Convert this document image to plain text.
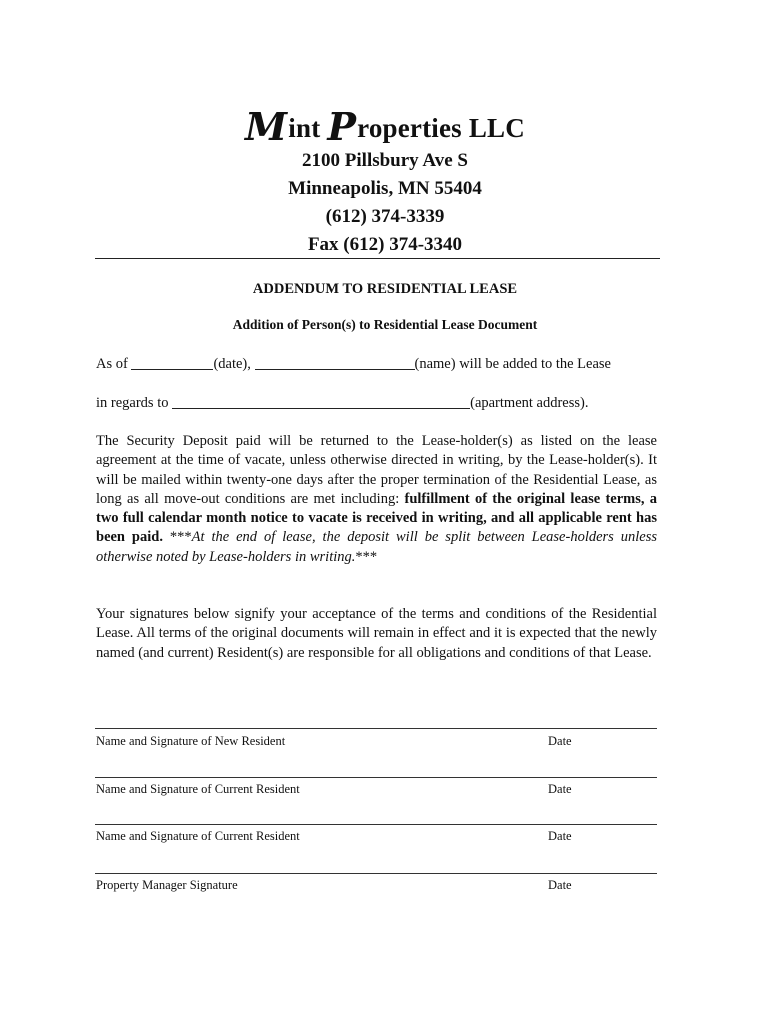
Mint Properties LLC
2100 Pillsbury Ave S
Minneapolis, MN 55404
(612) 374-3339
Fax (612) 374-3340
ADDENDUM TO RESIDENTIAL LEASE
Addition of Person(s) to Residential Lease Document
As of	(date),	(name) will be added to the Lease
in regards to	(apartment address).

The Security Deposit paid will be returned to the Lease-holder(s) as listed on the lease agreement at the time of vacate, unless otherwise directed in writing, by the Lease-holder(s). It will be mailed within twenty-one days after the proper termination of the Residential Lease, as long as all move-out conditions are met including: fulfillment of the original lease terms, a two full calendar month notice to vacate is received in writing, and all applicable rent has been paid. ***At the end of lease, the deposit will be split between Lease-holders unless otherwise noted by Lease-holders in writing.***

Your signatures below signify your acceptance of the terms and conditions of the Residential Lease. All terms of the original documents will remain in effect and it is expected that the newly named (and current) Resident(s) are responsible for all obligations and conditions of that Lease.

Name and Signature of New Resident	Date
Name and Signature of Current Resident	Date
Name and Signature of Current Resident	Date
Property Manager Signature	Date
